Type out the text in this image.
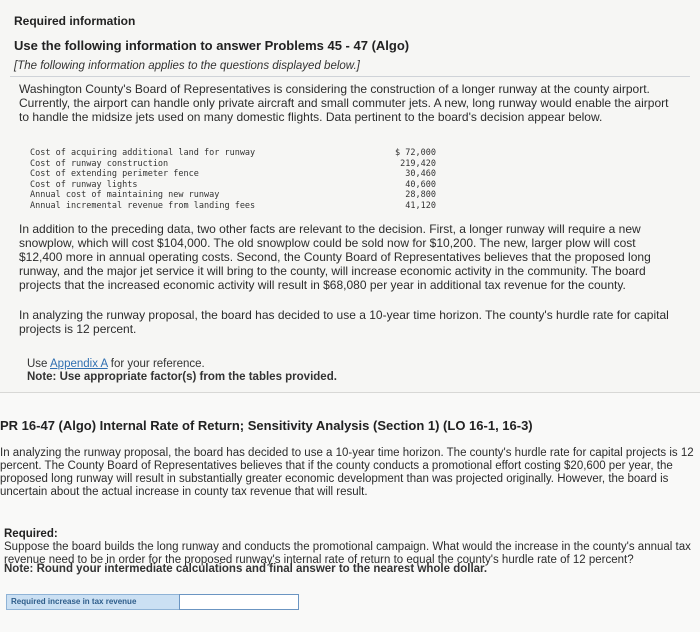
Required information
Use the following information to answer Problems 45 - 47 (Algo)
[The following information applies to the questions displayed below.]

Washington County's Board of Representatives is considering the construction of a longer runway at the county airport. Currently, the airport can handle only private aircraft and small commuter jets. A new, long runway would enable the airport to handle the midsize jets used on many domestic flights. Data pertinent to the board's decision appear below.

Cost of acquiring additional land for runway	$ 72,000
Cost of runway construction	219,420
Cost of extending perimeter fence	30,460
Cost of runway lights	40,600
Annual cost of maintaining new runway	28,800
Annual incremental revenue from landing fees	41,120

In addition to the preceding data, two other facts are relevant to the decision. First, a longer runway will require a new snowplow, which will cost $104,000. The old snowplow could be sold now for $10,200. The new, larger plow will cost $12,400 more in annual operating costs. Second, the County Board of Representatives believes that the proposed long runway, and the major jet service it will bring to the county, will increase economic activity in the community. The board projects that the increased economic activity will result in $68,080 per year in additional tax revenue for the county.

In analyzing the runway proposal, the board has decided to use a 10-year time horizon. The county's hurdle rate for capital projects is 12 percent.

Use Appendix A for your reference.
Note: Use appropriate factor(s) from the tables provided.
PR 16-47 (Algo) Internal Rate of Return; Sensitivity Analysis (Section 1) (LO 16-1, 16-3)

In analyzing the runway proposal, the board has decided to use a 10-year time horizon. The county's hurdle rate for capital projects is 12 percent. The County Board of Representatives believes that if the county conducts a promotional effort costing $20,600 per year, the proposed long runway will result in substantially greater economic development than was projected originally. However, the board is uncertain about the actual increase in county tax revenue that will result.

Required:

Suppose the board builds the long runway and conducts the promotional campaign. What would the increase in the county's annual tax revenue need to be in order for the proposed runway's internal rate of return to equal the county's hurdle rate of 12 percent?

Note: Round your intermediate calculations and final answer to the nearest whole dollar.
Required increase in tax revenue
